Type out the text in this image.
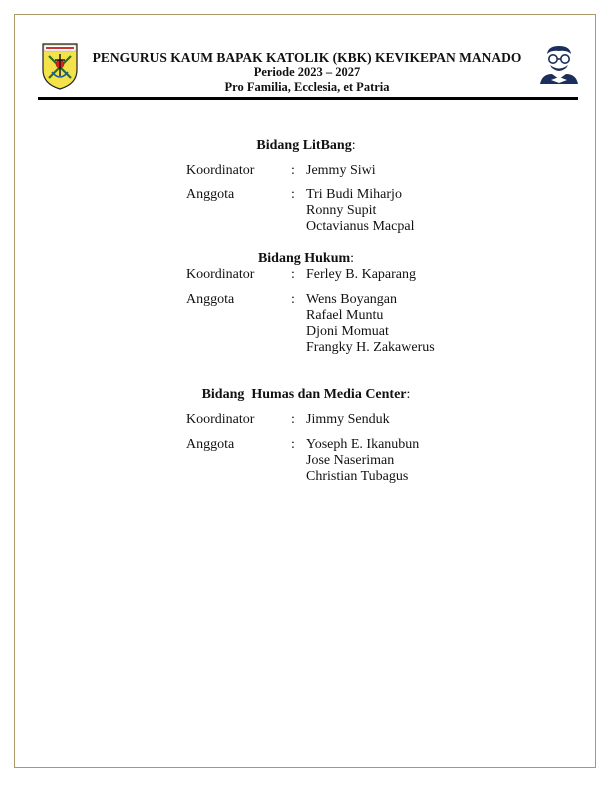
PENGURUS KAUM BAPAK KATOLIK (KBK) KEVIKEPAN MANADO
Periode 2023 – 2027
Pro Familia, Ecclesia, et Patria
Bidang LitBang:
Koordinator	: Jemmy Siwi
Anggota	: Tri Budi Miharjo
Ronny Supit
Octavianus Macpal
Bidang Hukum:
Koordinator	: Ferley B. Kaparang
Anggota	: Wens Boyangan
Rafael Muntu
Djoni Momuat
Frangky H. Zakawerus
Bidang  Humas dan Media Center:
Koordinator	: Jimmy Senduk
Anggota	: Yoseph E. Ikanubun
Jose Naseriman
Christian Tubagus
